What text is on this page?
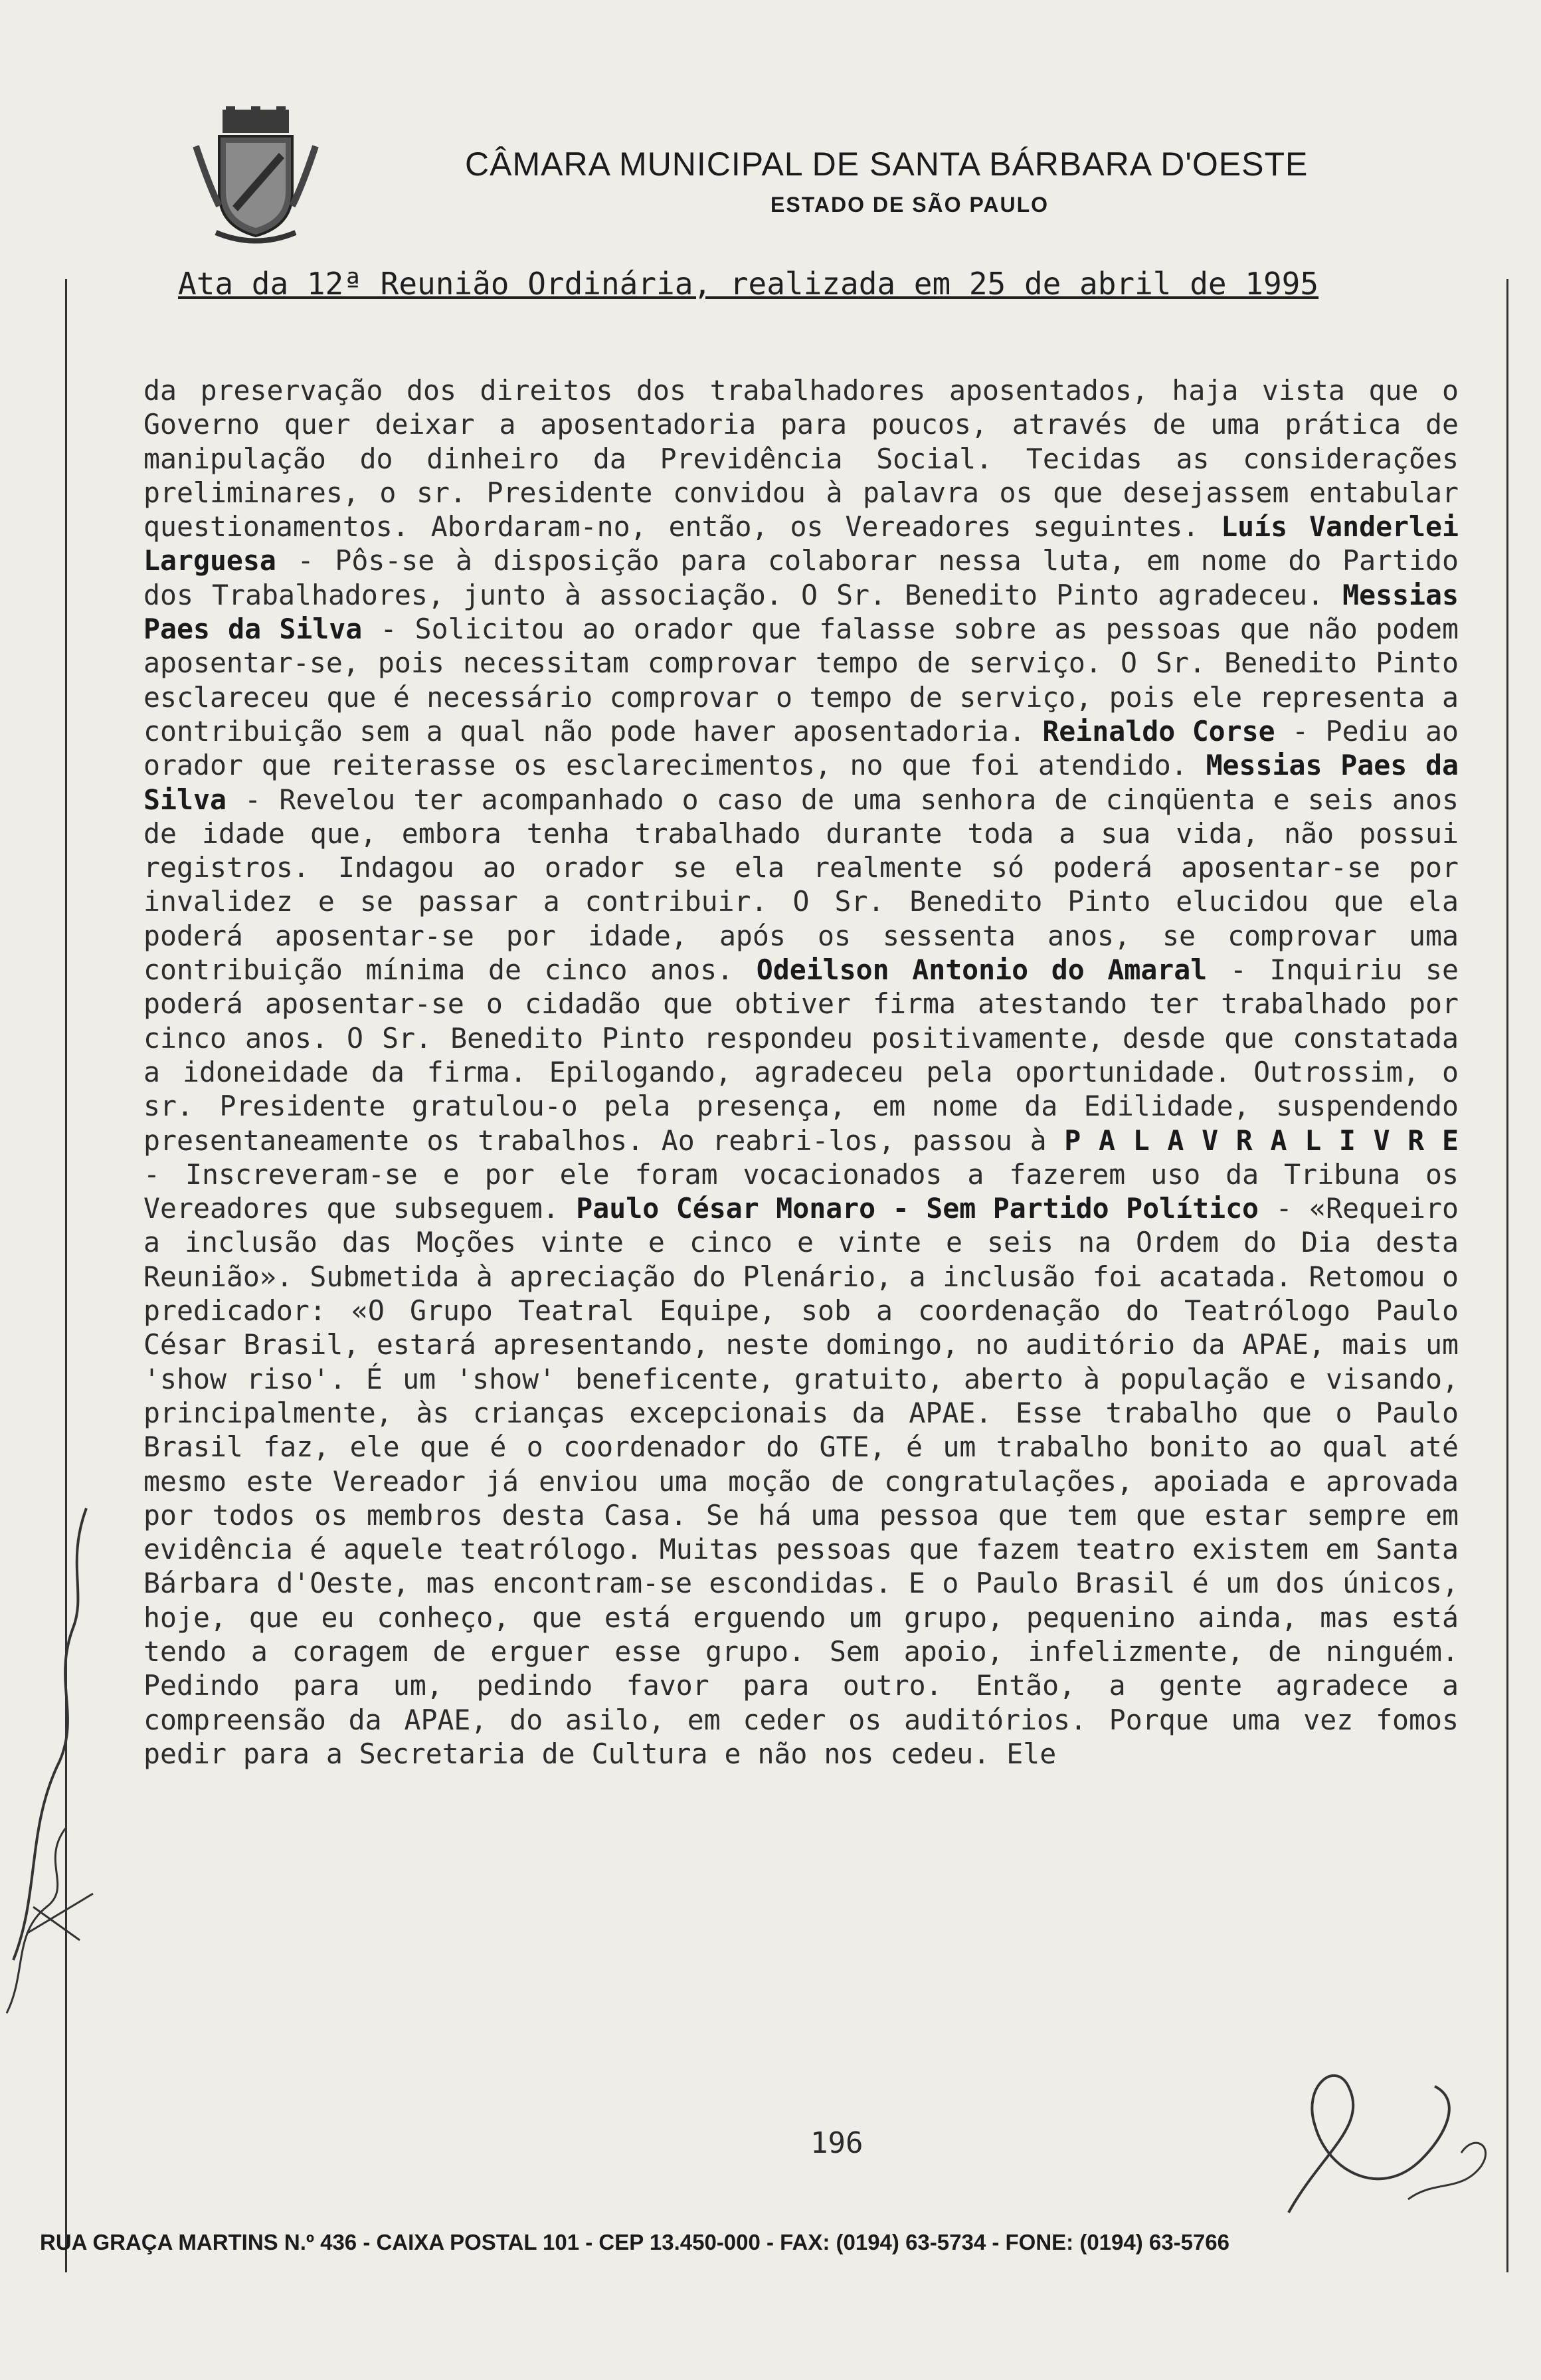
CÂMARA MUNICIPAL DE SANTA BÁRBARA D'OESTE
ESTADO DE SÃO PAULO
Ata da 12ª Reunião Ordinária, realizada em 25 de abril de 1995
da preservação dos direitos dos trabalhadores aposentados, haja vista que o Governo quer deixar a aposentadoria para poucos, através de uma prática de manipulação do dinheiro da Previdência Social. Tecidas as considerações preliminares, o sr. Presidente convidou à palavra os que desejassem entabular questionamentos. Abordaram-no, então, os Vereadores seguintes. Luís Vanderlei Larguesa - Pôs-se à disposição para colaborar nessa luta, em nome do Partido dos Trabalhadores, junto à associação. O Sr. Benedito Pinto agradeceu. Messias Paes da Silva - Solicitou ao orador que falasse sobre as pessoas que não podem aposentar-se, pois necessitam comprovar tempo de serviço. O Sr. Benedito Pinto esclareceu que é necessário comprovar o tempo de serviço, pois ele representa a contribuição sem a qual não pode haver aposentadoria. Reinaldo Corse - Pediu ao orador que reiterasse os esclarecimentos, no que foi atendido. Messias Paes da Silva - Revelou ter acompanhado o caso de uma senhora de cinqüenta e seis anos de idade que, embora tenha trabalhado durante toda a sua vida, não possui registros. Indagou ao orador se ela realmente só poderá aposentar-se por invalidez e se passar a contribuir. O Sr. Benedito Pinto elucidou que ela poderá aposentar-se por idade, após os sessenta anos, se comprovar uma contribuição mínima de cinco anos. Odeilson Antonio do Amaral - Inquiriu se poderá aposentar-se o cidadão que obtiver firma atestando ter trabalhado por cinco anos. O Sr. Benedito Pinto respondeu positivamente, desde que constatada a idoneidade da firma. Epilogando, agradeceu pela oportunidade. Outrossim, o sr. Presidente gratulou-o pela presença, em nome da Edilidade, suspendendo presentaneamente os trabalhos. Ao reabri-los, passou à P A L A V R A L I V R E - Inscreveram-se e por ele foram vocacionados a fazerem uso da Tribuna os Vereadores que subseguem. Paulo César Monaro - Sem Partido Político - «Requeiro a inclusão das Moções vinte e cinco e vinte e seis na Ordem do Dia desta Reunião». Submetida à apreciação do Plenário, a inclusão foi acatada. Retomou o predicador: «O Grupo Teatral Equipe, sob a coordenação do Teatrólogo Paulo César Brasil, estará apresentando, neste domingo, no auditório da APAE, mais um 'show riso'. É um 'show' beneficente, gratuito, aberto à população e visando, principalmente, às crianças excepcionais da APAE. Esse trabalho que o Paulo Brasil faz, ele que é o coordenador do GTE, é um trabalho bonito ao qual até mesmo este Vereador já enviou uma moção de congratulações, apoiada e aprovada por todos os membros desta Casa. Se há uma pessoa que tem que estar sempre em evidência é aquele teatrólogo. Muitas pessoas que fazem teatro existem em Santa Bárbara d'Oeste, mas encontram-se escondidas. E o Paulo Brasil é um dos únicos, hoje, que eu conheço, que está erguendo um grupo, pequenino ainda, mas está tendo a coragem de erguer esse grupo. Sem apoio, infelizmente, de ninguém. Pedindo para um, pedindo favor para outro. Então, a gente agradece a compreensão da APAE, do asilo, em ceder os auditórios. Porque uma vez fomos pedir para a Secretaria de Cultura e não nos cedeu. Ele
196
RUA GRAÇA MARTINS N.º 436 - CAIXA POSTAL 101 - CEP 13.450-000 - FAX: (0194) 63-5734 - FONE: (0194) 63-5766
